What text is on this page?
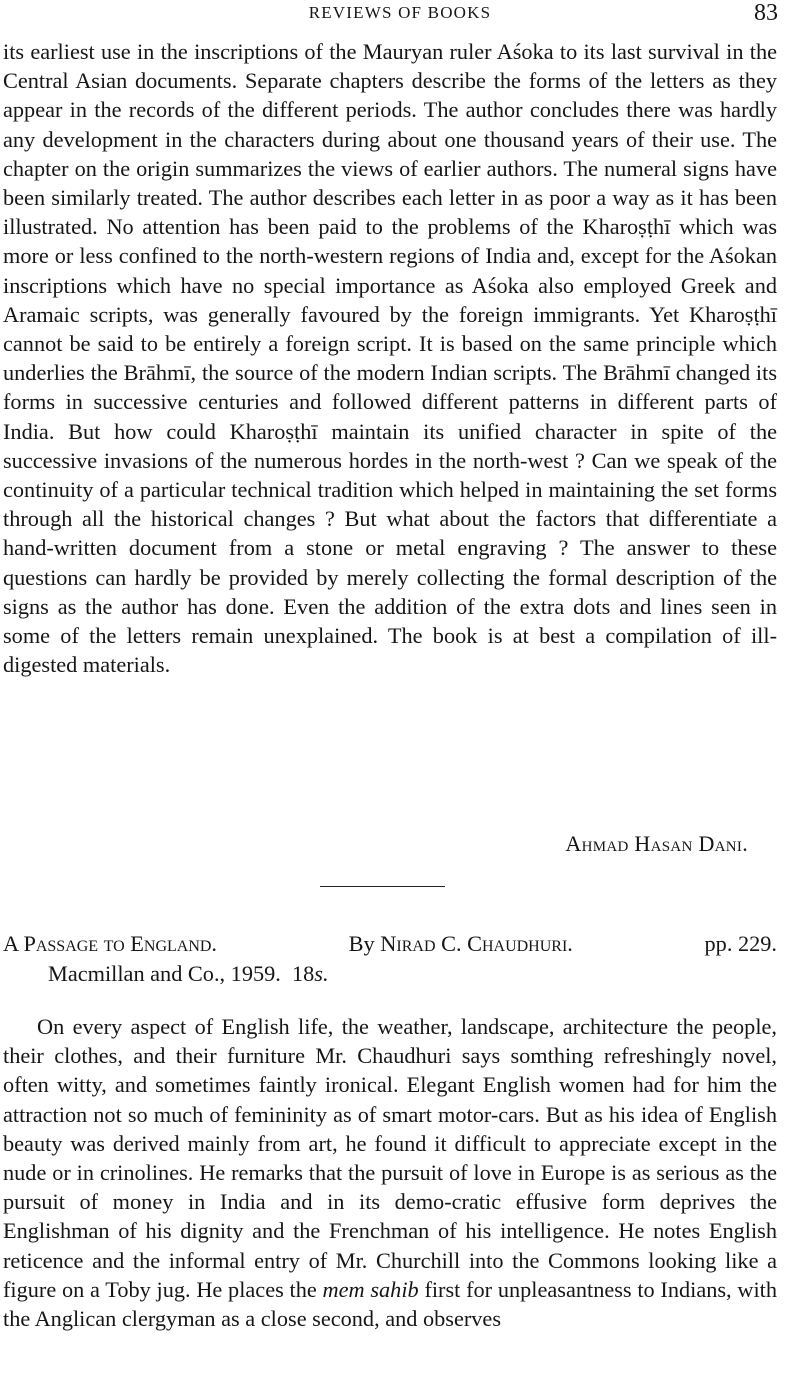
REVIEWS OF BOOKS	83

its earliest use in the inscriptions of the Mauryan ruler Aśoka to its last survival in the Central Asian documents. Separate chapters describe the forms of the letters as they appear in the records of the different periods. The author concludes there was hardly any development in the characters during about one thousand years of their use. The chapter on the origin summarizes the views of earlier authors. The numeral signs have been similarly treated. The author describes each letter in as poor a way as it has been illustrated. No attention has been paid to the problems of the Kharoṣṭhī which was more or less confined to the north-western regions of India and, except for the Aśokan inscriptions which have no special importance as Aśoka also employed Greek and Aramaic scripts, was generally favoured by the foreign immigrants. Yet Kharoṣṭhī cannot be said to be entirely a foreign script. It is based on the same principle which underlies the Brāhmī, the source of the modern Indian scripts. The Brāhmī changed its forms in successive centuries and followed different patterns in different parts of India. But how could Kharoṣṭhī maintain its unified character in spite of the successive invasions of the numerous hordes in the north-west ? Can we speak of the continuity of a particular technical tradition which helped in maintaining the set forms through all the historical changes ? But what about the factors that differentiate a hand-written document from a stone or metal engraving ? The answer to these questions can hardly be provided by merely collecting the formal description of the signs as the author has done. Even the addition of the extra dots and lines seen in some of the letters remain unexplained. The book is at best a compilation of ill-digested materials.

Ahmad Hasan Dani.

A Passage to England.	By Nirad C. Chaudhuri.	pp. 229.
Macmillan and Co., 1959. 18s.

On every aspect of English life, the weather, landscape, architecture the people, their clothes, and their furniture Mr. Chaudhuri says somthing refreshingly novel, often witty, and sometimes faintly ironical. Elegant English women had for him the attraction not so much of femininity as of smart motor-cars. But as his idea of English beauty was derived mainly from art, he found it difficult to appreciate except in the nude or in crinolines. He remarks that the pursuit of love in Europe is as serious as the pursuit of money in India and in its demo-cratic effusive form deprives the Englishman of his dignity and the Frenchman of his intelligence. He notes English reticence and the informal entry of Mr. Churchill into the Commons looking like a figure on a Toby jug. He places the mem sahib first for unpleasantness to Indians, with the Anglican clergyman as a close second, and observes
